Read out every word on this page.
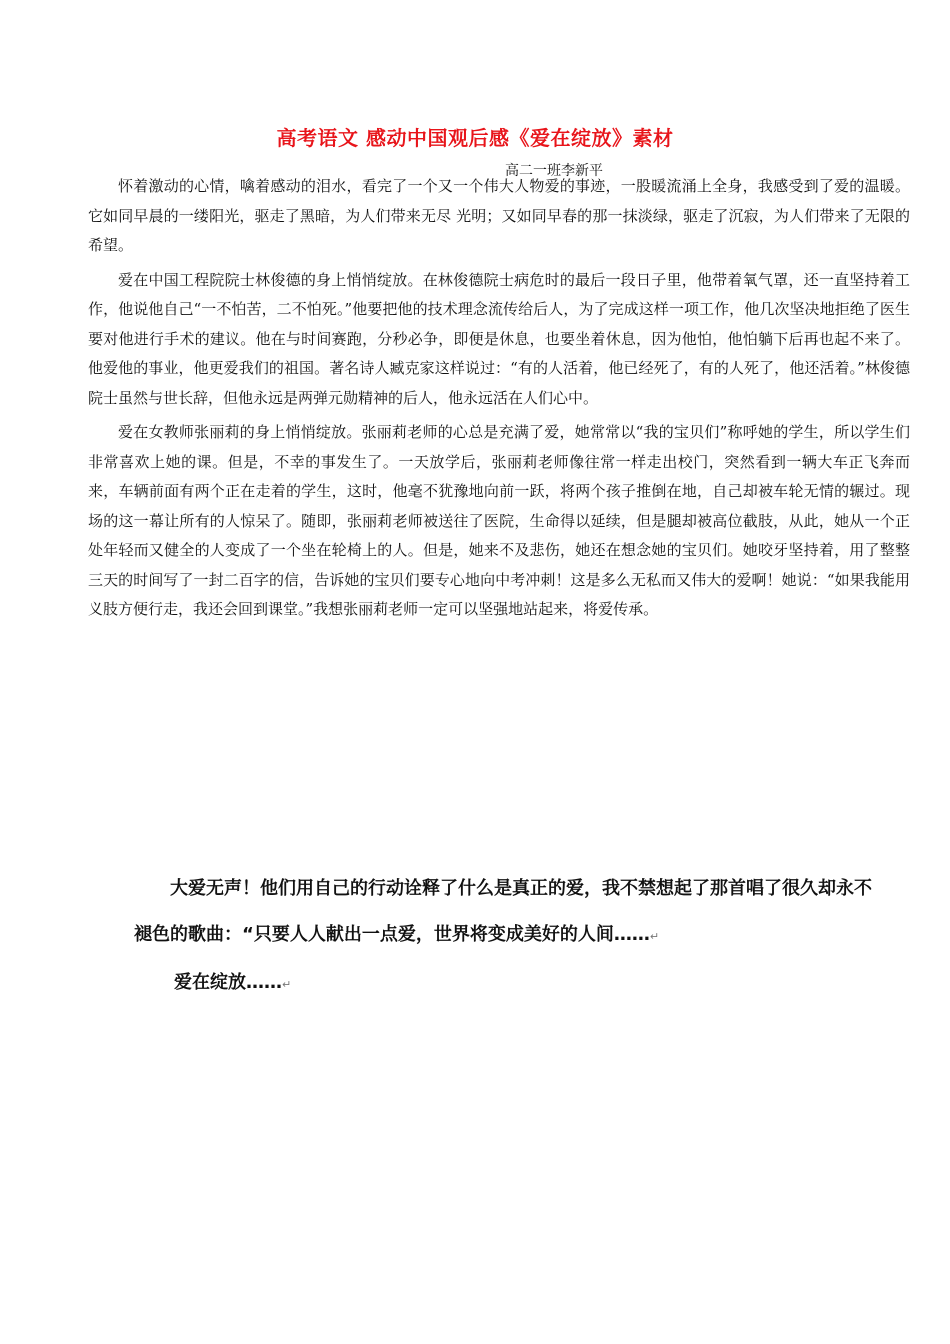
高考语文 感动中国观后感《爱在绽放》素材
高二一班李新平

怀着激动的心情，噙着感动的泪水，看完了一个又一个伟大人物爱的事迹，一股暖流涌上全身，我感受到了爱的温暖。它如同早晨的一缕阳光，驱走了黑暗，为人们带来无尽 光明；又如同早春的那一抹淡绿，驱走了沉寂，为人们带来了无限的希望。

爱在中国工程院院士林俊德的身上悄悄绽放。在林俊德院士病危时的最后一段日子里，他带着氧气罩，还一直坚持着工作，他说他自己“一不怕苦，二不怕死。”他要把他的技术理念流传给后人，为了完成这样一项工作，他几次坚决地拒绝了医生要对他进行手术的建议。他在与时间赛跑，分秒必争，即便是休息，也要坐着休息，因为他怕，他怕躺下后再也起不来了。他爱他的事业，他更爱我们的祖国。著名诗人臧克家这样说过：“有的人活着，他已经死了，有的人死了，他还活着。”林俊德院士虽然与世长辞，但他永远是两弹元勋精神的后人，他永远活在人们心中。

爱在女教师张丽莉的身上悄悄绽放。张丽莉老师的心总是充满了爱，她常常以“我的宝贝们”称呼她的学生，所以学生们非常喜欢上她的课。但是，不幸的事发生了。一天放学后，张丽莉老师像往常一样走出校门，突然看到一辆大车正飞奔而来，车辆前面有两个正在走着的学生，这时，他毫不犹豫地向前一跃，将两个孩子推倒在地，自己却被车轮无情的辗过。现场的这一幕让所有的人惊呆了。随即，张丽莉老师被送往了医院，生命得以延续，但是腿却被高位截肢，从此，她从一个正处年轻而又健全的人变成了一个坐在轮椅上的人。但是，她来不及悲伤，她还在想念她的宝贝们。她咬牙坚持着，用了整整三天的时间写了一封二百字的信，告诉她的宝贝们要专心地向中考冲刺！这是多么无私而又伟大的爱啊！她说：“如果我能用义肢方便行走，我还会回到课堂。”我想张丽莉老师一定可以坚强地站起来，将爱传承。

大爱无声！他们用自己的行动诠释了什么是真正的爱，我不禁想起了那首唱了很久却永不褪色的歌曲：“只要人人献出一点爱，世界将变成美好的人间……↵

爱在绽放……↵
